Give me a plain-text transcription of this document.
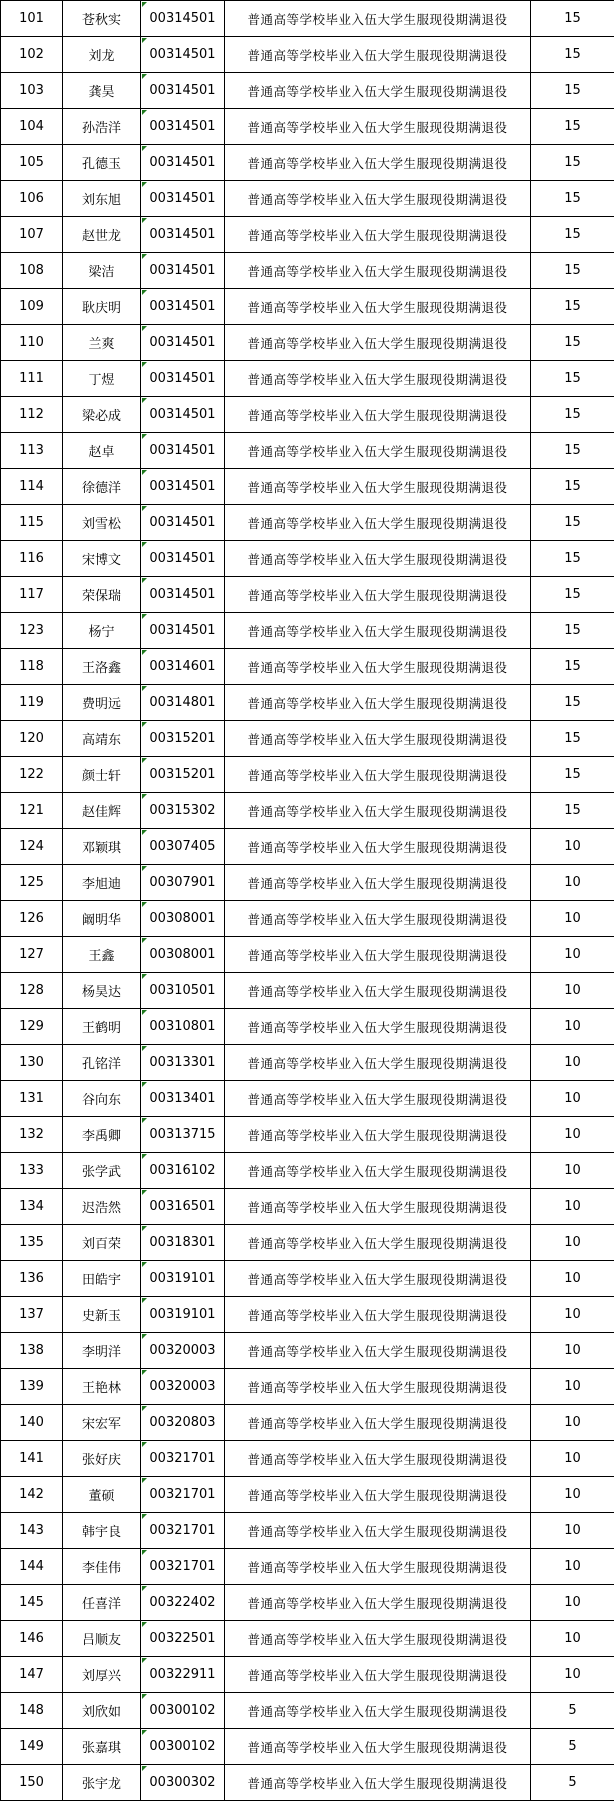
101	苍秋实	00314501	普通高等学校毕业入伍大学生服现役期满退役	15
102	刘龙	00314501	普通高等学校毕业入伍大学生服现役期满退役	15
103	龚昊	00314501	普通高等学校毕业入伍大学生服现役期满退役	15
104	孙浩洋	00314501	普通高等学校毕业入伍大学生服现役期满退役	15
105	孔德玉	00314501	普通高等学校毕业入伍大学生服现役期满退役	15
106	刘东旭	00314501	普通高等学校毕业入伍大学生服现役期满退役	15
107	赵世龙	00314501	普通高等学校毕业入伍大学生服现役期满退役	15
108	梁洁	00314501	普通高等学校毕业入伍大学生服现役期满退役	15
109	耿庆明	00314501	普通高等学校毕业入伍大学生服现役期满退役	15
110	兰爽	00314501	普通高等学校毕业入伍大学生服现役期满退役	15
111	丁煜	00314501	普通高等学校毕业入伍大学生服现役期满退役	15
112	梁必成	00314501	普通高等学校毕业入伍大学生服现役期满退役	15
113	赵卓	00314501	普通高等学校毕业入伍大学生服现役期满退役	15
114	徐德洋	00314501	普通高等学校毕业入伍大学生服现役期满退役	15
115	刘雪松	00314501	普通高等学校毕业入伍大学生服现役期满退役	15
116	宋博文	00314501	普通高等学校毕业入伍大学生服现役期满退役	15
117	荣保瑞	00314501	普通高等学校毕业入伍大学生服现役期满退役	15
123	杨宁	00314501	普通高等学校毕业入伍大学生服现役期满退役	15
118	王洛鑫	00314601	普通高等学校毕业入伍大学生服现役期满退役	15
119	费明远	00314801	普通高等学校毕业入伍大学生服现役期满退役	15
120	高靖东	00315201	普通高等学校毕业入伍大学生服现役期满退役	15
122	颜士轩	00315201	普通高等学校毕业入伍大学生服现役期满退役	15
121	赵佳辉	00315302	普通高等学校毕业入伍大学生服现役期满退役	15
124	邓颖琪	00307405	普通高等学校毕业入伍大学生服现役期满退役	10
125	李旭迪	00307901	普通高等学校毕业入伍大学生服现役期满退役	10
126	阚明华	00308001	普通高等学校毕业入伍大学生服现役期满退役	10
127	王鑫	00308001	普通高等学校毕业入伍大学生服现役期满退役	10
128	杨昊达	00310501	普通高等学校毕业入伍大学生服现役期满退役	10
129	王鹤明	00310801	普通高等学校毕业入伍大学生服现役期满退役	10
130	孔铭洋	00313301	普通高等学校毕业入伍大学生服现役期满退役	10
131	谷向东	00313401	普通高等学校毕业入伍大学生服现役期满退役	10
132	李禹卿	00313715	普通高等学校毕业入伍大学生服现役期满退役	10
133	张学武	00316102	普通高等学校毕业入伍大学生服现役期满退役	10
134	迟浩然	00316501	普通高等学校毕业入伍大学生服现役期满退役	10
135	刘百荣	00318301	普通高等学校毕业入伍大学生服现役期满退役	10
136	田皓宇	00319101	普通高等学校毕业入伍大学生服现役期满退役	10
137	史新玉	00319101	普通高等学校毕业入伍大学生服现役期满退役	10
138	李明洋	00320003	普通高等学校毕业入伍大学生服现役期满退役	10
139	王艳林	00320003	普通高等学校毕业入伍大学生服现役期满退役	10
140	宋宏军	00320803	普通高等学校毕业入伍大学生服现役期满退役	10
141	张好庆	00321701	普通高等学校毕业入伍大学生服现役期满退役	10
142	董硕	00321701	普通高等学校毕业入伍大学生服现役期满退役	10
143	韩宇良	00321701	普通高等学校毕业入伍大学生服现役期满退役	10
144	李佳伟	00321701	普通高等学校毕业入伍大学生服现役期满退役	10
145	任喜洋	00322402	普通高等学校毕业入伍大学生服现役期满退役	10
146	吕顺友	00322501	普通高等学校毕业入伍大学生服现役期满退役	10
147	刘厚兴	00322911	普通高等学校毕业入伍大学生服现役期满退役	10
148	刘欣如	00300102	普通高等学校毕业入伍大学生服现役期满退役	5
149	张嘉琪	00300102	普通高等学校毕业入伍大学生服现役期满退役	5
150	张宇龙	00300302	普通高等学校毕业入伍大学生服现役期满退役	5
